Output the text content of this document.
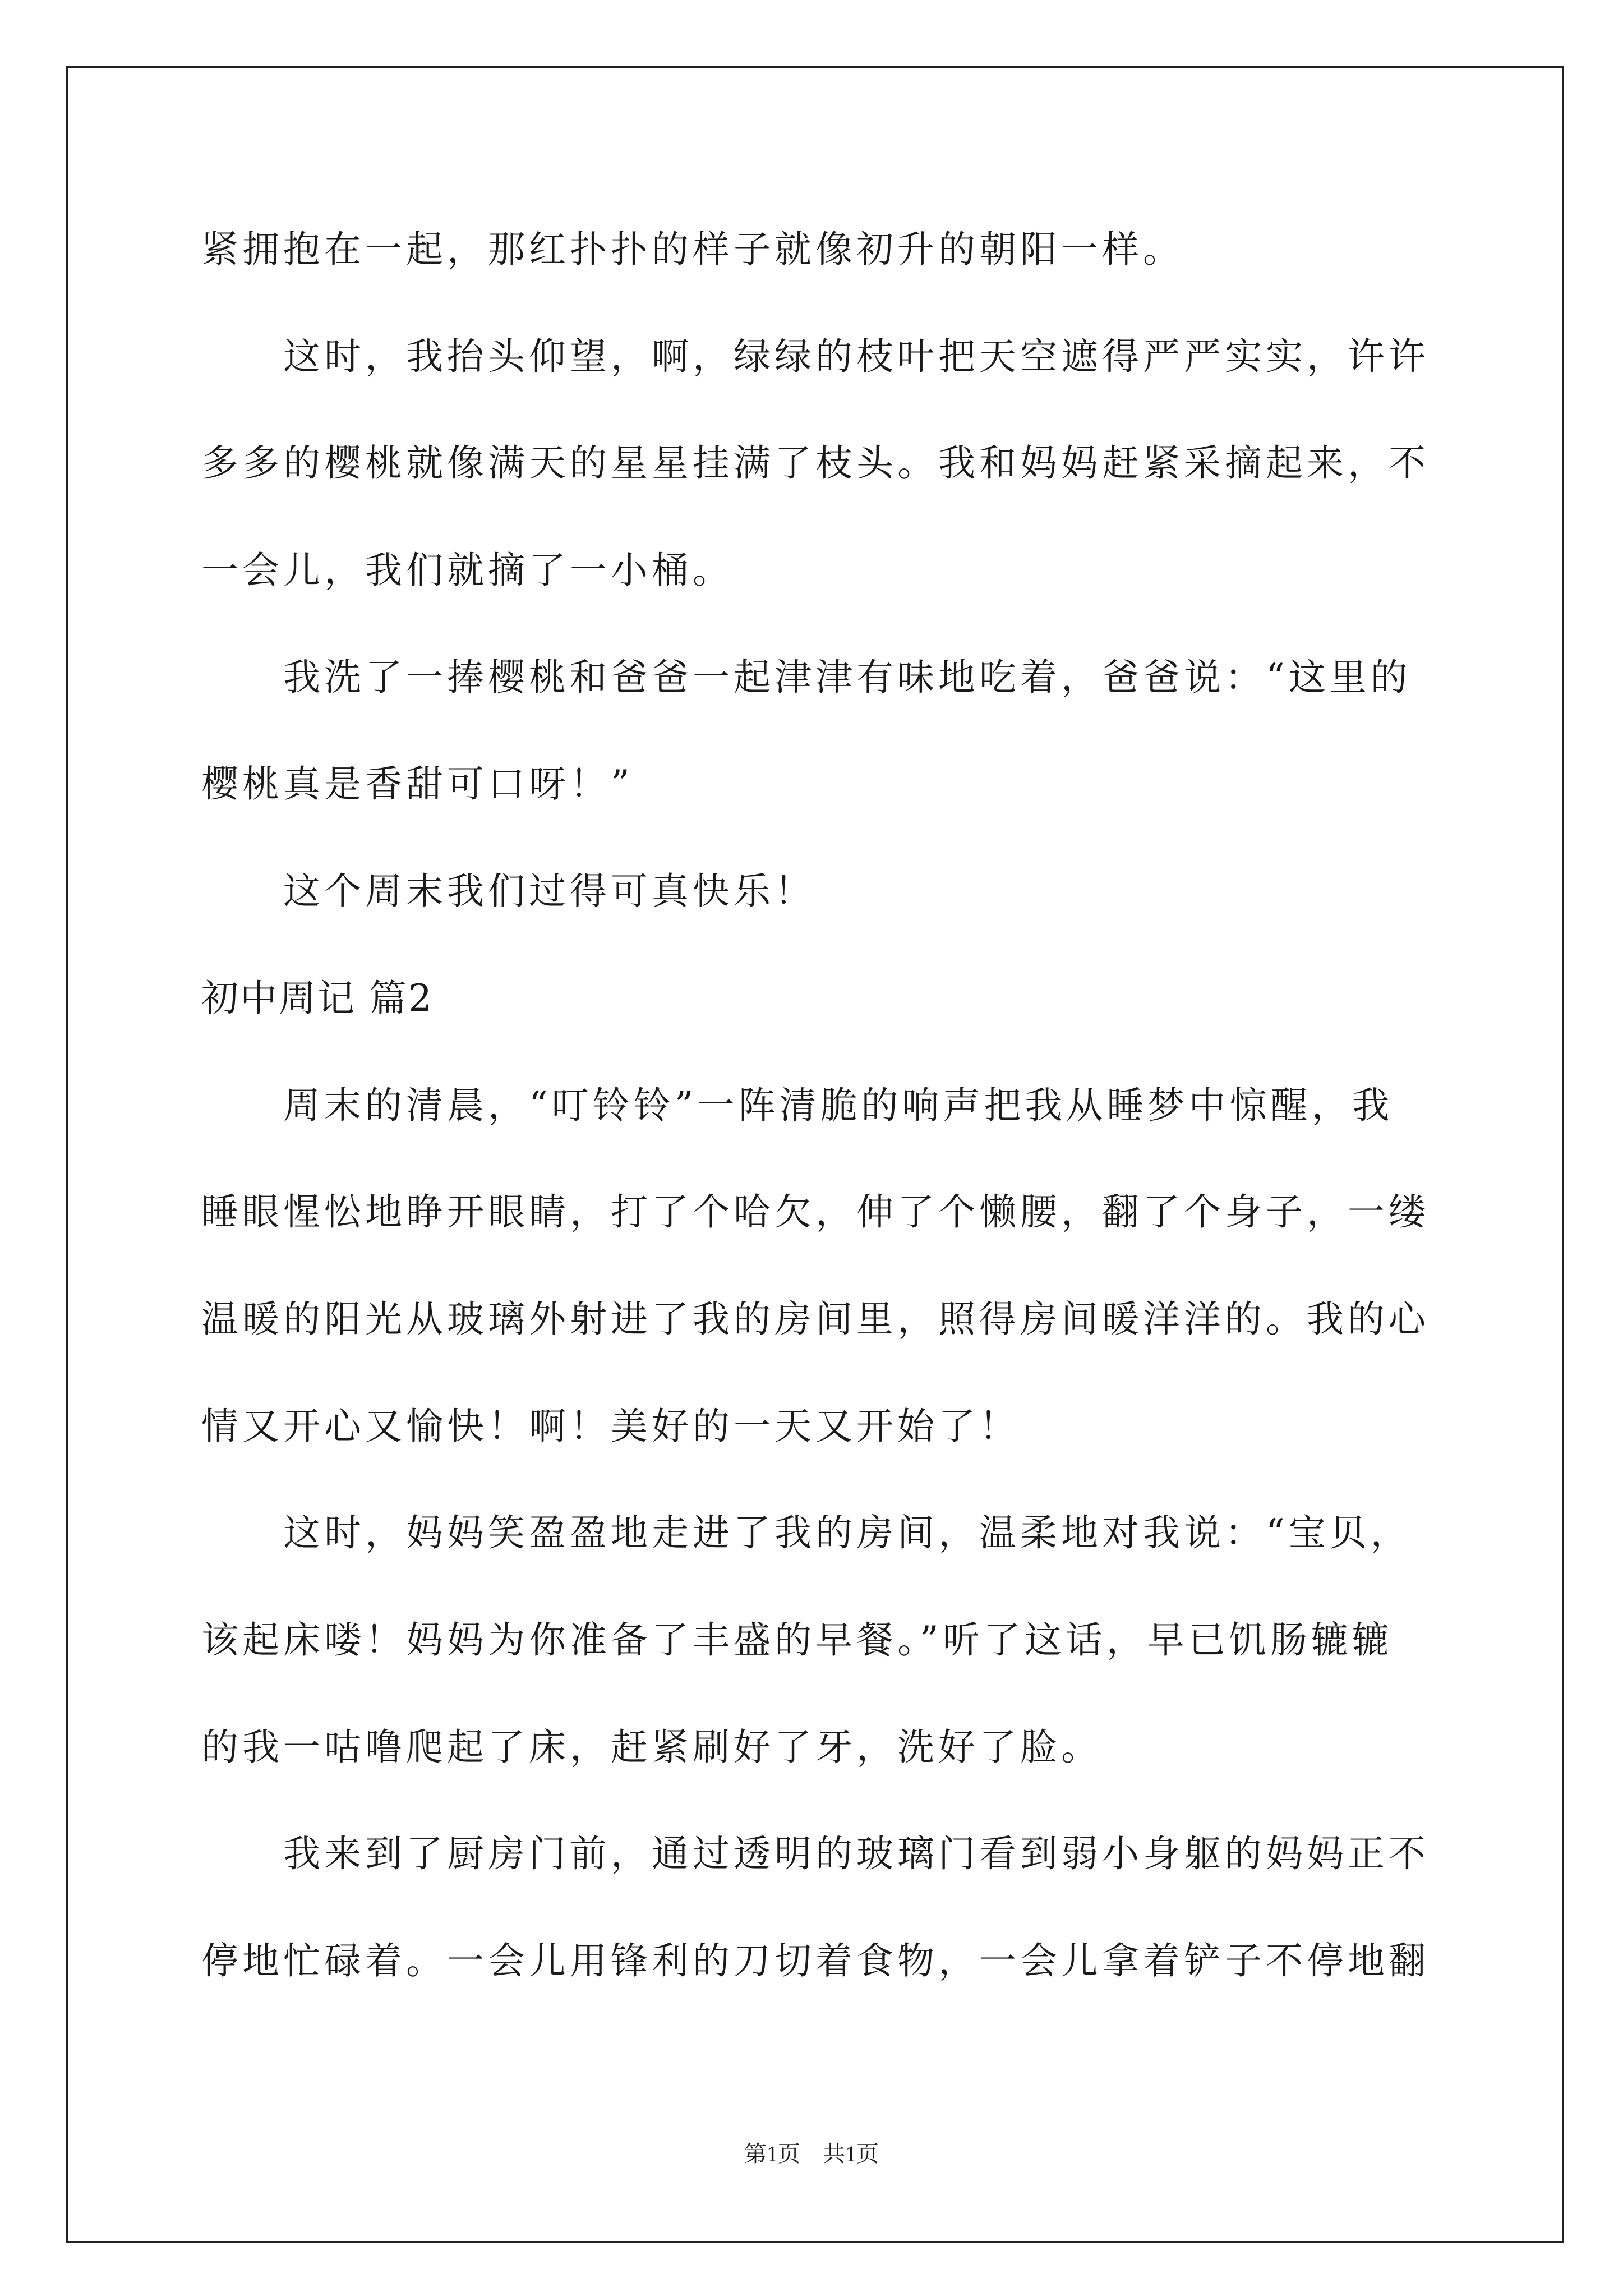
紧拥抱在一起，那红扑扑的样子就像初升的朝阳一样。
这时，我抬头仰望，啊，绿绿的枝叶把天空遮得严严实实，许许
多多的樱桃就像满天的星星挂满了枝头。我和妈妈赶紧采摘起来，不
一会儿，我们就摘了一小桶。
我洗了一捧樱桃和爸爸一起津津有味地吃着，爸爸说：“这里的
樱桃真是香甜可口呀！”
这个周末我们过得可真快乐！
初中周记 篇2
周末的清晨，“叮铃铃”一阵清脆的响声把我从睡梦中惊醒，我
睡眼惺忪地睁开眼睛，打了个哈欠，伸了个懒腰，翻了个身子，一缕
温暖的阳光从玻璃外射进了我的房间里，照得房间暖洋洋的。我的心
情又开心又愉快！啊！美好的一天又开始了！
这时，妈妈笑盈盈地走进了我的房间，温柔地对我说：“宝贝，
该起床喽！妈妈为你准备了丰盛的早餐。”听了这话，早已饥肠辘辘
的我一咕噜爬起了床，赶紧刷好了牙，洗好了脸。
我来到了厨房门前，通过透明的玻璃门看到弱小身躯的妈妈正不
停地忙碌着。一会儿用锋利的刀切着食物，一会儿拿着铲子不停地翻
第1页　共1页
